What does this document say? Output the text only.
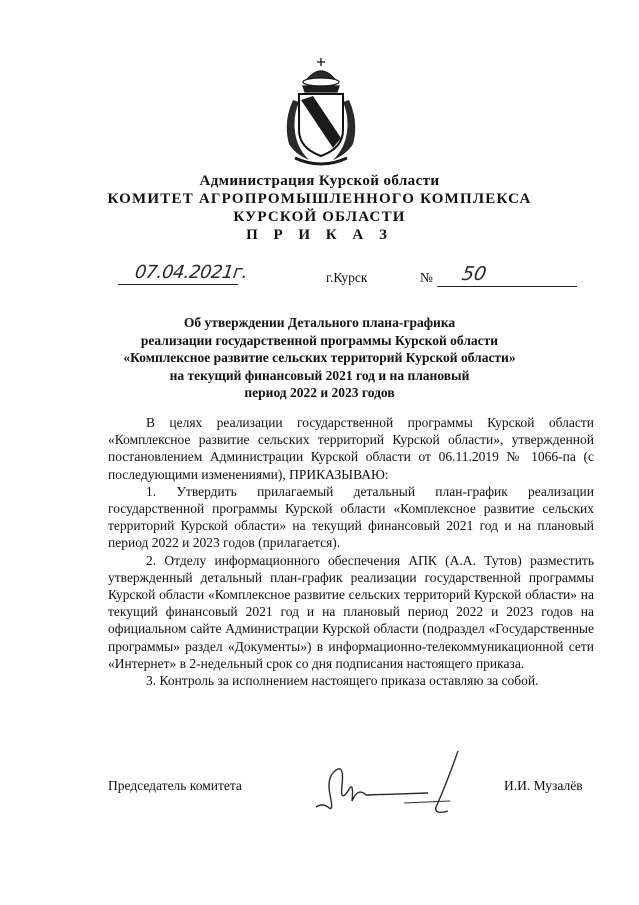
Администрация Курской области
КОМИТЕТ АГРОПРОМЫШЛЕННОГО КОМПЛЕКСА
КУРСКОЙ ОБЛАСТИ
П Р И К А З
07.04.2021г.	г.Курск	№ 50
Об утверждении Детального плана-графика
реализации государственной программы Курской области
«Комплексное развитие сельских территорий Курской области»
на текущий финансовый 2021 год и на плановый
период 2022 и 2023 годов

В целях реализации государственной программы Курской области «Комплексное развитие сельских территорий Курской области», утвержденной постановлением Администрации Курской области от 06.11.2019 № 1066-па (с последующими изменениями), ПРИКАЗЫВАЮ:

1. Утвердить прилагаемый детальный план-график реализации государственной программы Курской области «Комплексное развитие сельских территорий Курской области» на текущий финансовый 2021 год и на плановый период 2022 и 2023 годов (прилагается).

2. Отделу информационного обеспечения АПК (А.А. Тутов) разместить утвержденный детальный план-график реализации государственной программы Курской области «Комплексное развитие сельских территорий Курской области» на текущий финансовый 2021 год и на плановый период 2022 и 2023 годов на официальном сайте Администрации Курской области (подраздел «Государственные программы» раздел «Документы») в информационно-телекоммуникационной сети «Интернет» в 2-недельный срок со дня подписания настоящего приказа.

3. Контроль за исполнением настоящего приказа оставляю за собой.

Председатель комитета	И.И. Музалёв
